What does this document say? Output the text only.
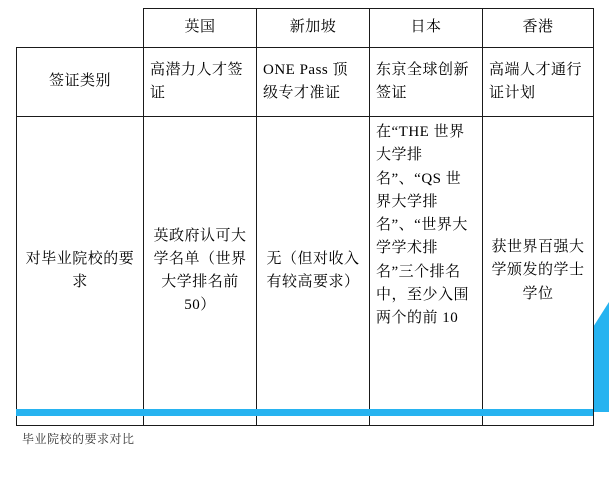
	英国	新加坡	日本	香港
签证类别	高潜力人才签证	ONE Pass 顶级专才准证	东京全球创新签证	高端人才通行证计划
对毕业院校的要求	英政府认可大学名单（世界大学排名前 50）	无（但对收入有较高要求）	在“THE 世界大学排名”、“QS 世界大学排名”、“世界大学学术排名”三个排名中，至少入围两个的前 10	获世界百强大学颁发的学士学位
毕业院校的要求对比
